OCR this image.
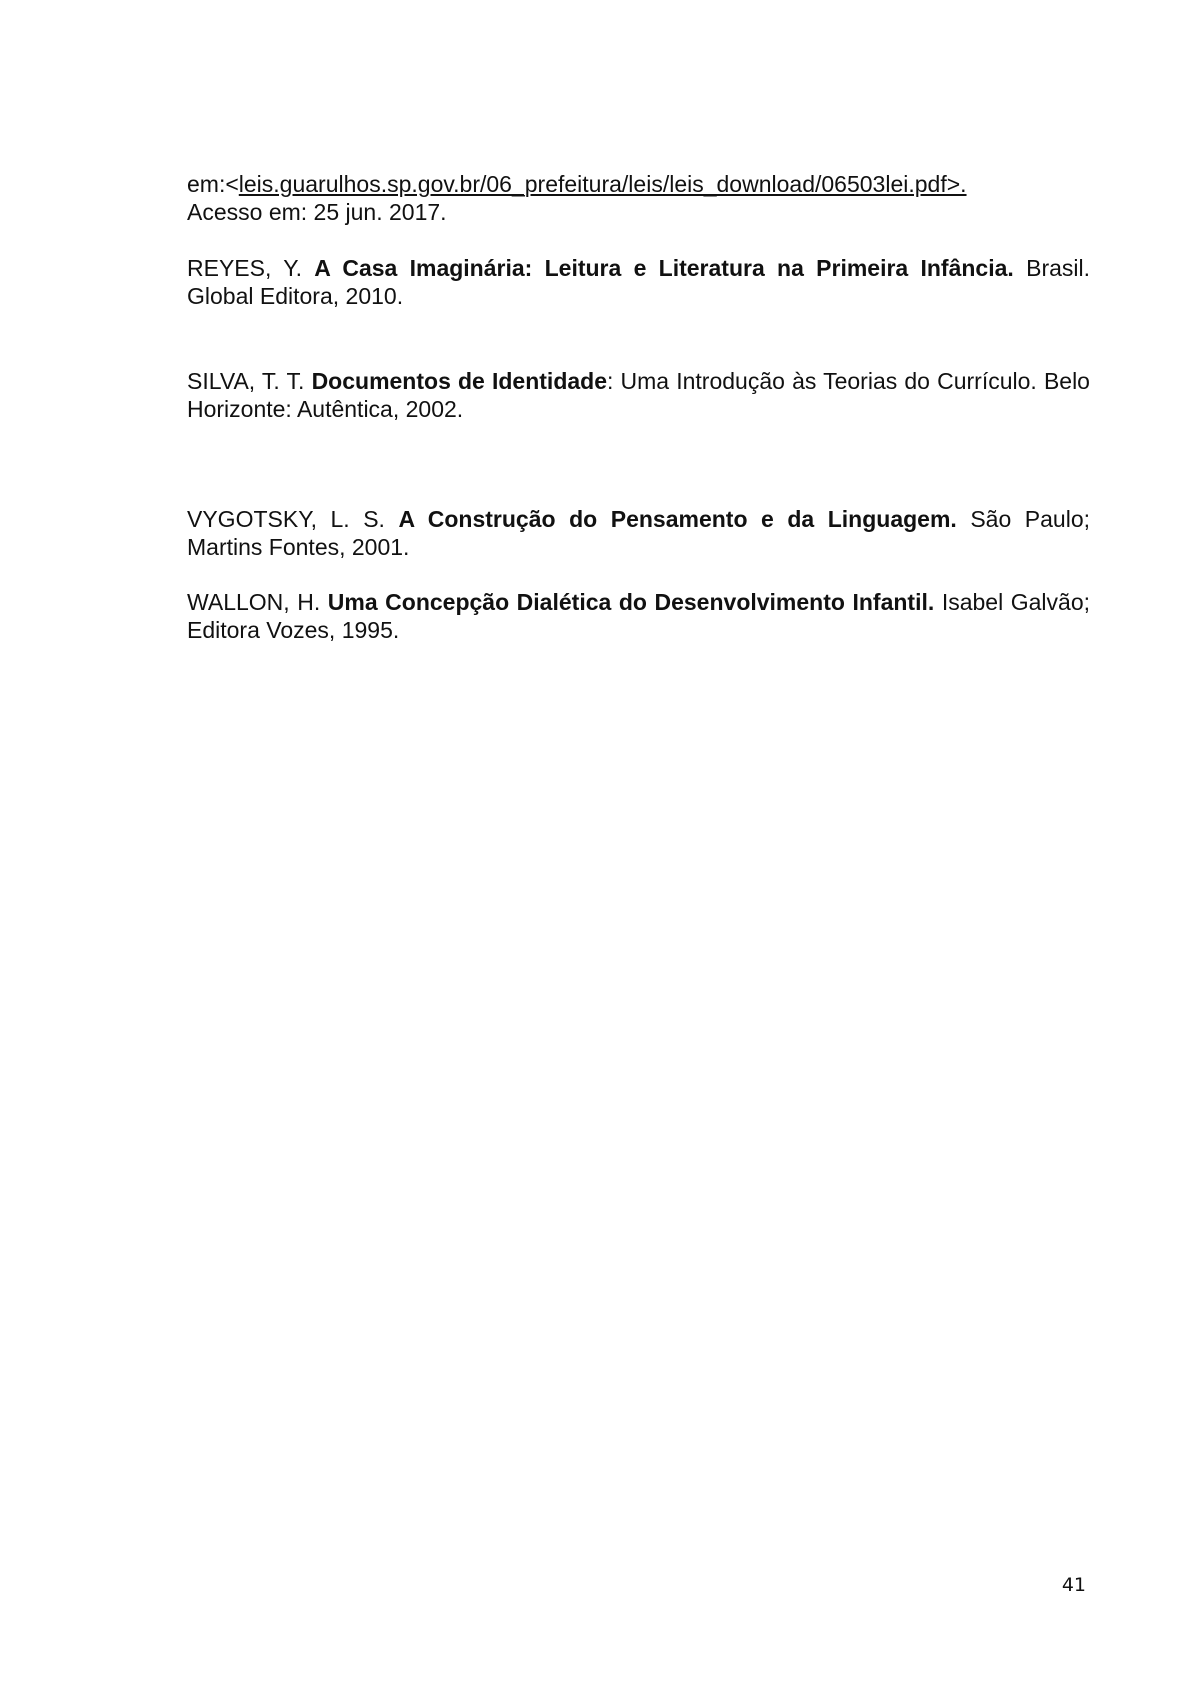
em:<leis.guarulhos.sp.gov.br/06_prefeitura/leis/leis_download/06503lei.pdf>.
Acesso em: 25 jun. 2017.

REYES, Y. A Casa Imaginária: Leitura e Literatura na Primeira Infância. Brasil. Global Editora, 2010.

SILVA, T. T. Documentos de Identidade: Uma Introdução às Teorias do Currículo. Belo Horizonte: Autêntica, 2002.

VYGOTSKY, L. S. A Construção do Pensamento e da Linguagem. São Paulo; Martins Fontes, 2001.

WALLON, H. Uma Concepção Dialética do Desenvolvimento Infantil. Isabel Galvão; Editora Vozes, 1995.

41
